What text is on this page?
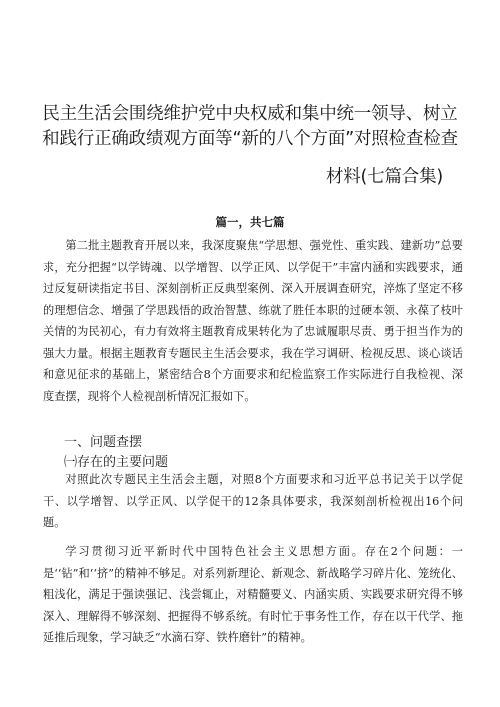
民主生活会围绕维护党中央权威和集中统一领导、树立
和践行正确政绩观方面等“新的八个方面”对照检查检查
材料(七篇合集)
篇一，共七篇

第二批主题教育开展以来，我深度聚焦“学思想、强党性、重实践、建新功”总要求，充分把握“以学铸魂、以学增智、以学正风、以学促干”丰富内涵和实践要求，通过反复研读指定书目、深刻剖析正反典型案例、深入开展调查研究，淬炼了坚定不移的理想信念、增强了学思践悟的政治智慧、练就了胜任本职的过硬本领、永葆了枝叶关情的为民初心，有力有效将主题教育成果转化为了忠诚履职尽责、勇于担当作为的强大力量。根据主题教育专题民主生活会要求，我在学习调研、检视反思、谈心谈话和意见征求的基础上，紧密结合8个方面要求和纪检监察工作实际进行自我检视、深度查摆，现将个人检视剖析情况汇报如下。

一、问题查摆
㈠存在的主要问题

对照此次专题民主生活会主题，对照8个方面要求和习近平总书记关于以学促干、以学增智、以学正风、以学促干的12条具体要求，我深刻剖析检视出16个问题。

学习贯彻习近平新时代中国特色社会主义思想方面。存在2个问题：一是‘‘钻”和‘‘挤”的精神不够足。对系列新理论、新观念、新战略学习碎片化、笼统化、粗浅化，满足于强读强记、浅尝辄止，对精髓要义、内涵实质、实践要求研究得不够深入、理解得不够深刻、把握得不够系统。有时忙于事务性工作，存在以干代学、拖延推后现象，学习缺乏“水滴石穿、铁杵磨针”的精神。
